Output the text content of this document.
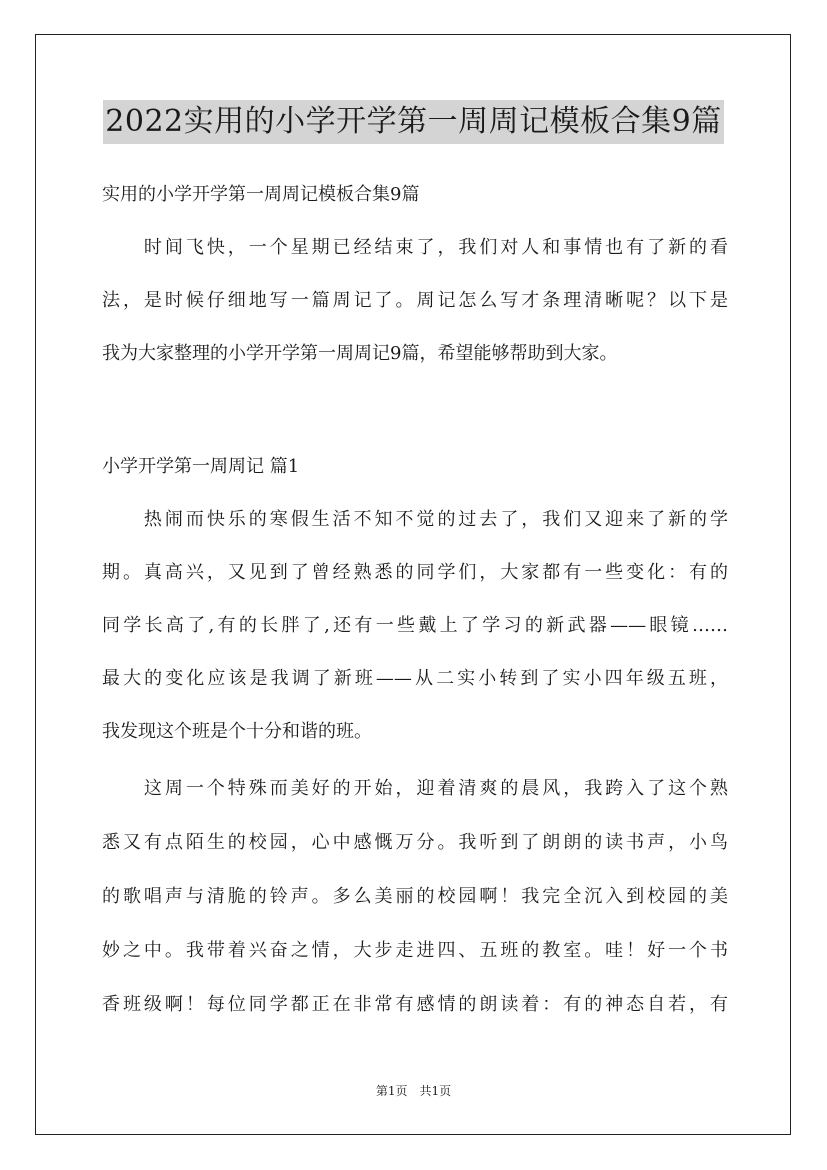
2022实用的小学开学第一周周记模板合集9篇
实用的小学开学第一周周记模板合集9篇
　　时间飞快，一个星期已经结束了，我们对人和事情也有了新的看
法，是时候仔细地写一篇周记了。周记怎么写才条理清晰呢？以下是
我为大家整理的小学开学第一周周记9篇，希望能够帮助到大家。
小学开学第一周周记 篇1
　　热闹而快乐的寒假生活不知不觉的过去了，我们又迎来了新的学
期。真高兴，又见到了曾经熟悉的同学们，大家都有一些变化：有的
同学长高了,有的长胖了,还有一些戴上了学习的新武器——眼镜……
最大的变化应该是我调了新班——从二实小转到了实小四年级五班，
我发现这个班是个十分和谐的班。
　　这周一个特殊而美好的开始，迎着清爽的晨风，我跨入了这个熟
悉又有点陌生的校园，心中感慨万分。我听到了朗朗的读书声，小鸟
的歌唱声与清脆的铃声。多么美丽的校园啊！我完全沉入到校园的美
妙之中。我带着兴奋之情，大步走进四、五班的教室。哇！好一个书
香班级啊！每位同学都正在非常有感情的朗读着：有的神态自若，有
第1页　共1页
